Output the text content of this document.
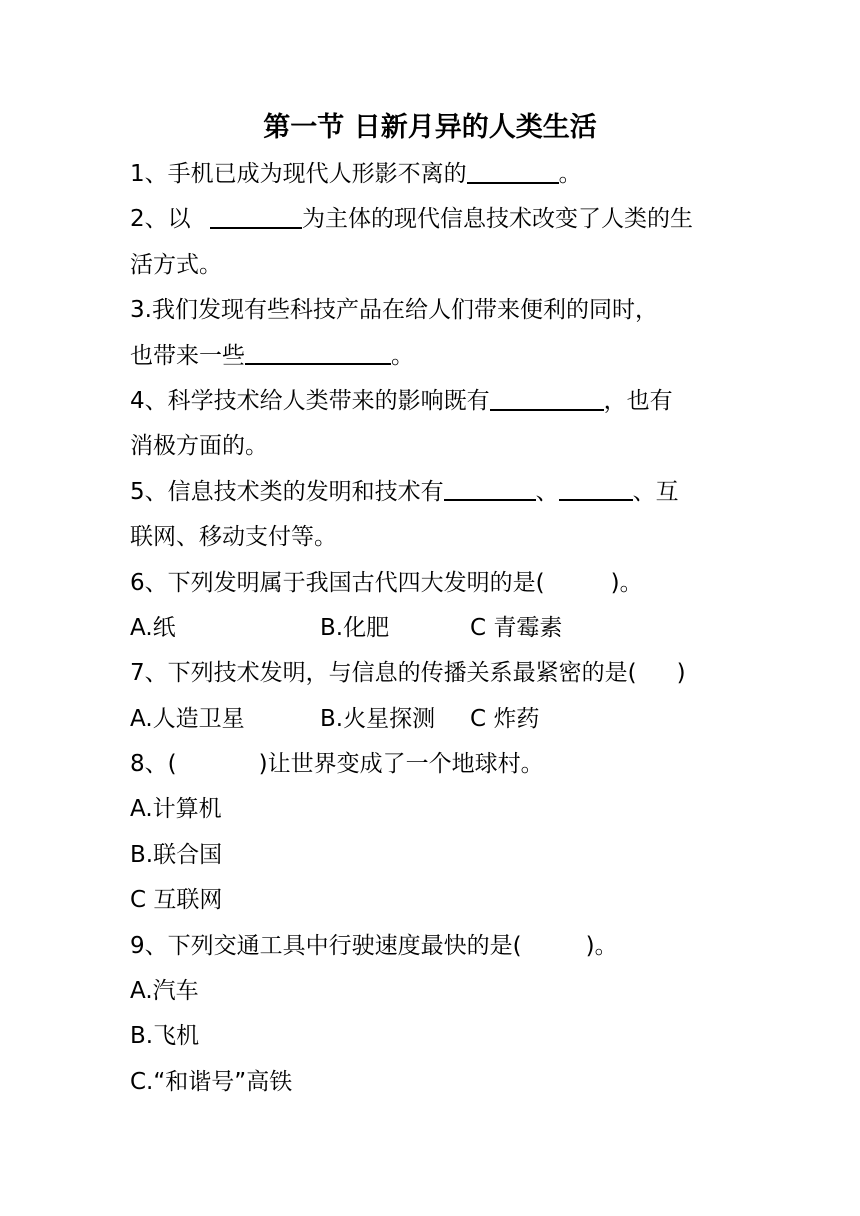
第一节 日新月异的人类生活
1、手机已成为现代人形影不离的	。
2、以	为主体的现代信息技术改变了人类的生
活方式。
3.我们发现有些科技产品在给人们带来便利的同时，
也带来一些	。
4、科学技术给人类带来的影响既有	，也有
消极方面的。
5、信息技术类的发明和技术有	、	、互
联网、移动支付等。
6、下列发明属于我国古代四大发明的是(	)。
A.纸	B.化肥	C 青霉素
7、下列技术发明，与信息的传播关系最紧密的是( )
A.人造卫星	B.火星探测 C 炸药
8、(	)让世界变成了一个地球村。
A.计算机
B.联合国
C 互联网
9、下列交通工具中行驶速度最快的是(	)。
A.汽车
B.飞机
C.“和谐号”高铁
